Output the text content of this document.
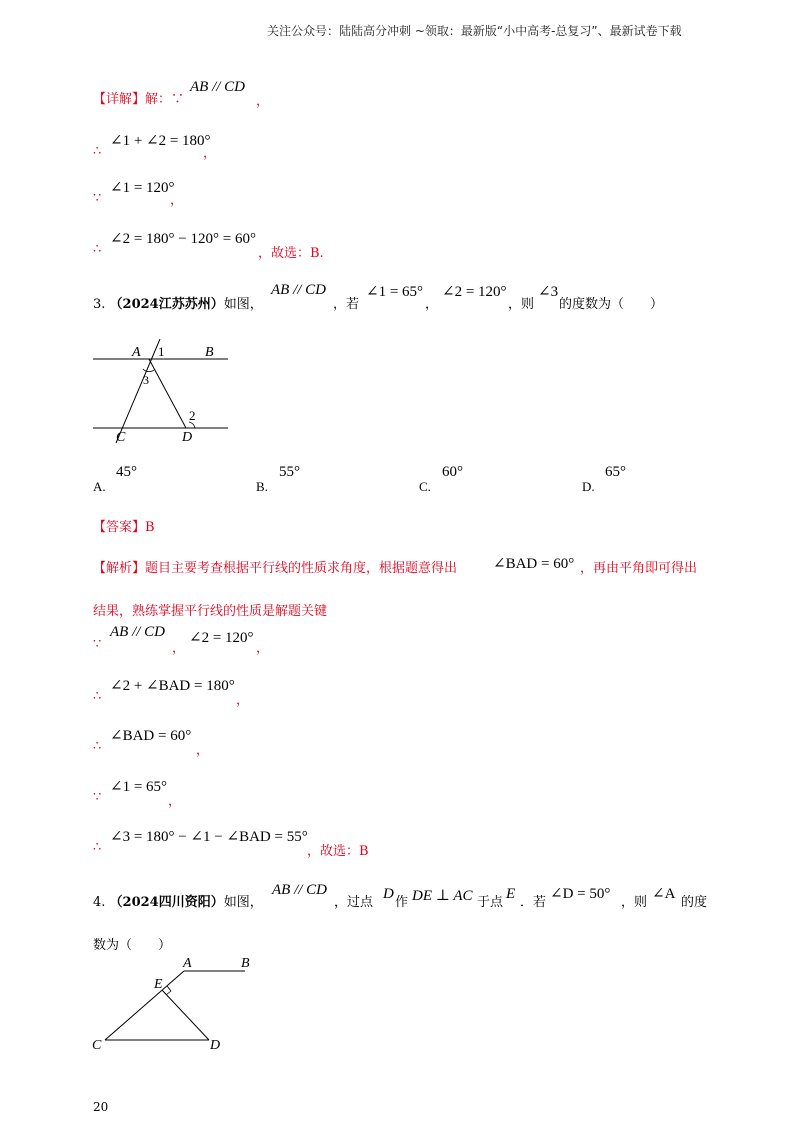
关注公众号：陆陆高分冲刺 ~领取：最新版“小中高考-总复习”、最新试卷下载
【详解】解：∵
AB // CD
，
∴
∠1 + ∠2 = 180°
，
∵
∠1 = 120°
，
∴
∠2 = 180° − 120° = 60°
，故选：B.
3. （2024江苏苏州）如图，
AB // CD
，若
∠1 = 65°
，
∠2 = 120°
，则
∠3
的度数为（　　）
A 1	B
3
2
C	D
A.
45°
B.
55°
C.
60°
D.
65°
【答案】B
【解析】题目主要考查根据平行线的性质求角度，根据题意得出 ∠BAD = 60° ，再由平角即可得出
结果，熟练掌握平行线的性质是解题关键
∵
AB // CD
，
∠2 = 120°
，
∴
∠2 + ∠BAD = 180°
，
∴
∠BAD = 60°
，
∵
∠1 = 65°
，
∴
∠3 = 180° − ∠1 − ∠BAD = 55°
，故选：B
4. （2024四川资阳）如图，
AB // CD
，过点
D
作 DE ⊥ AC 于点
E
．若
∠D = 50°
，则
∠A
的度
数为（　　）
A	B
E
C	D
20
